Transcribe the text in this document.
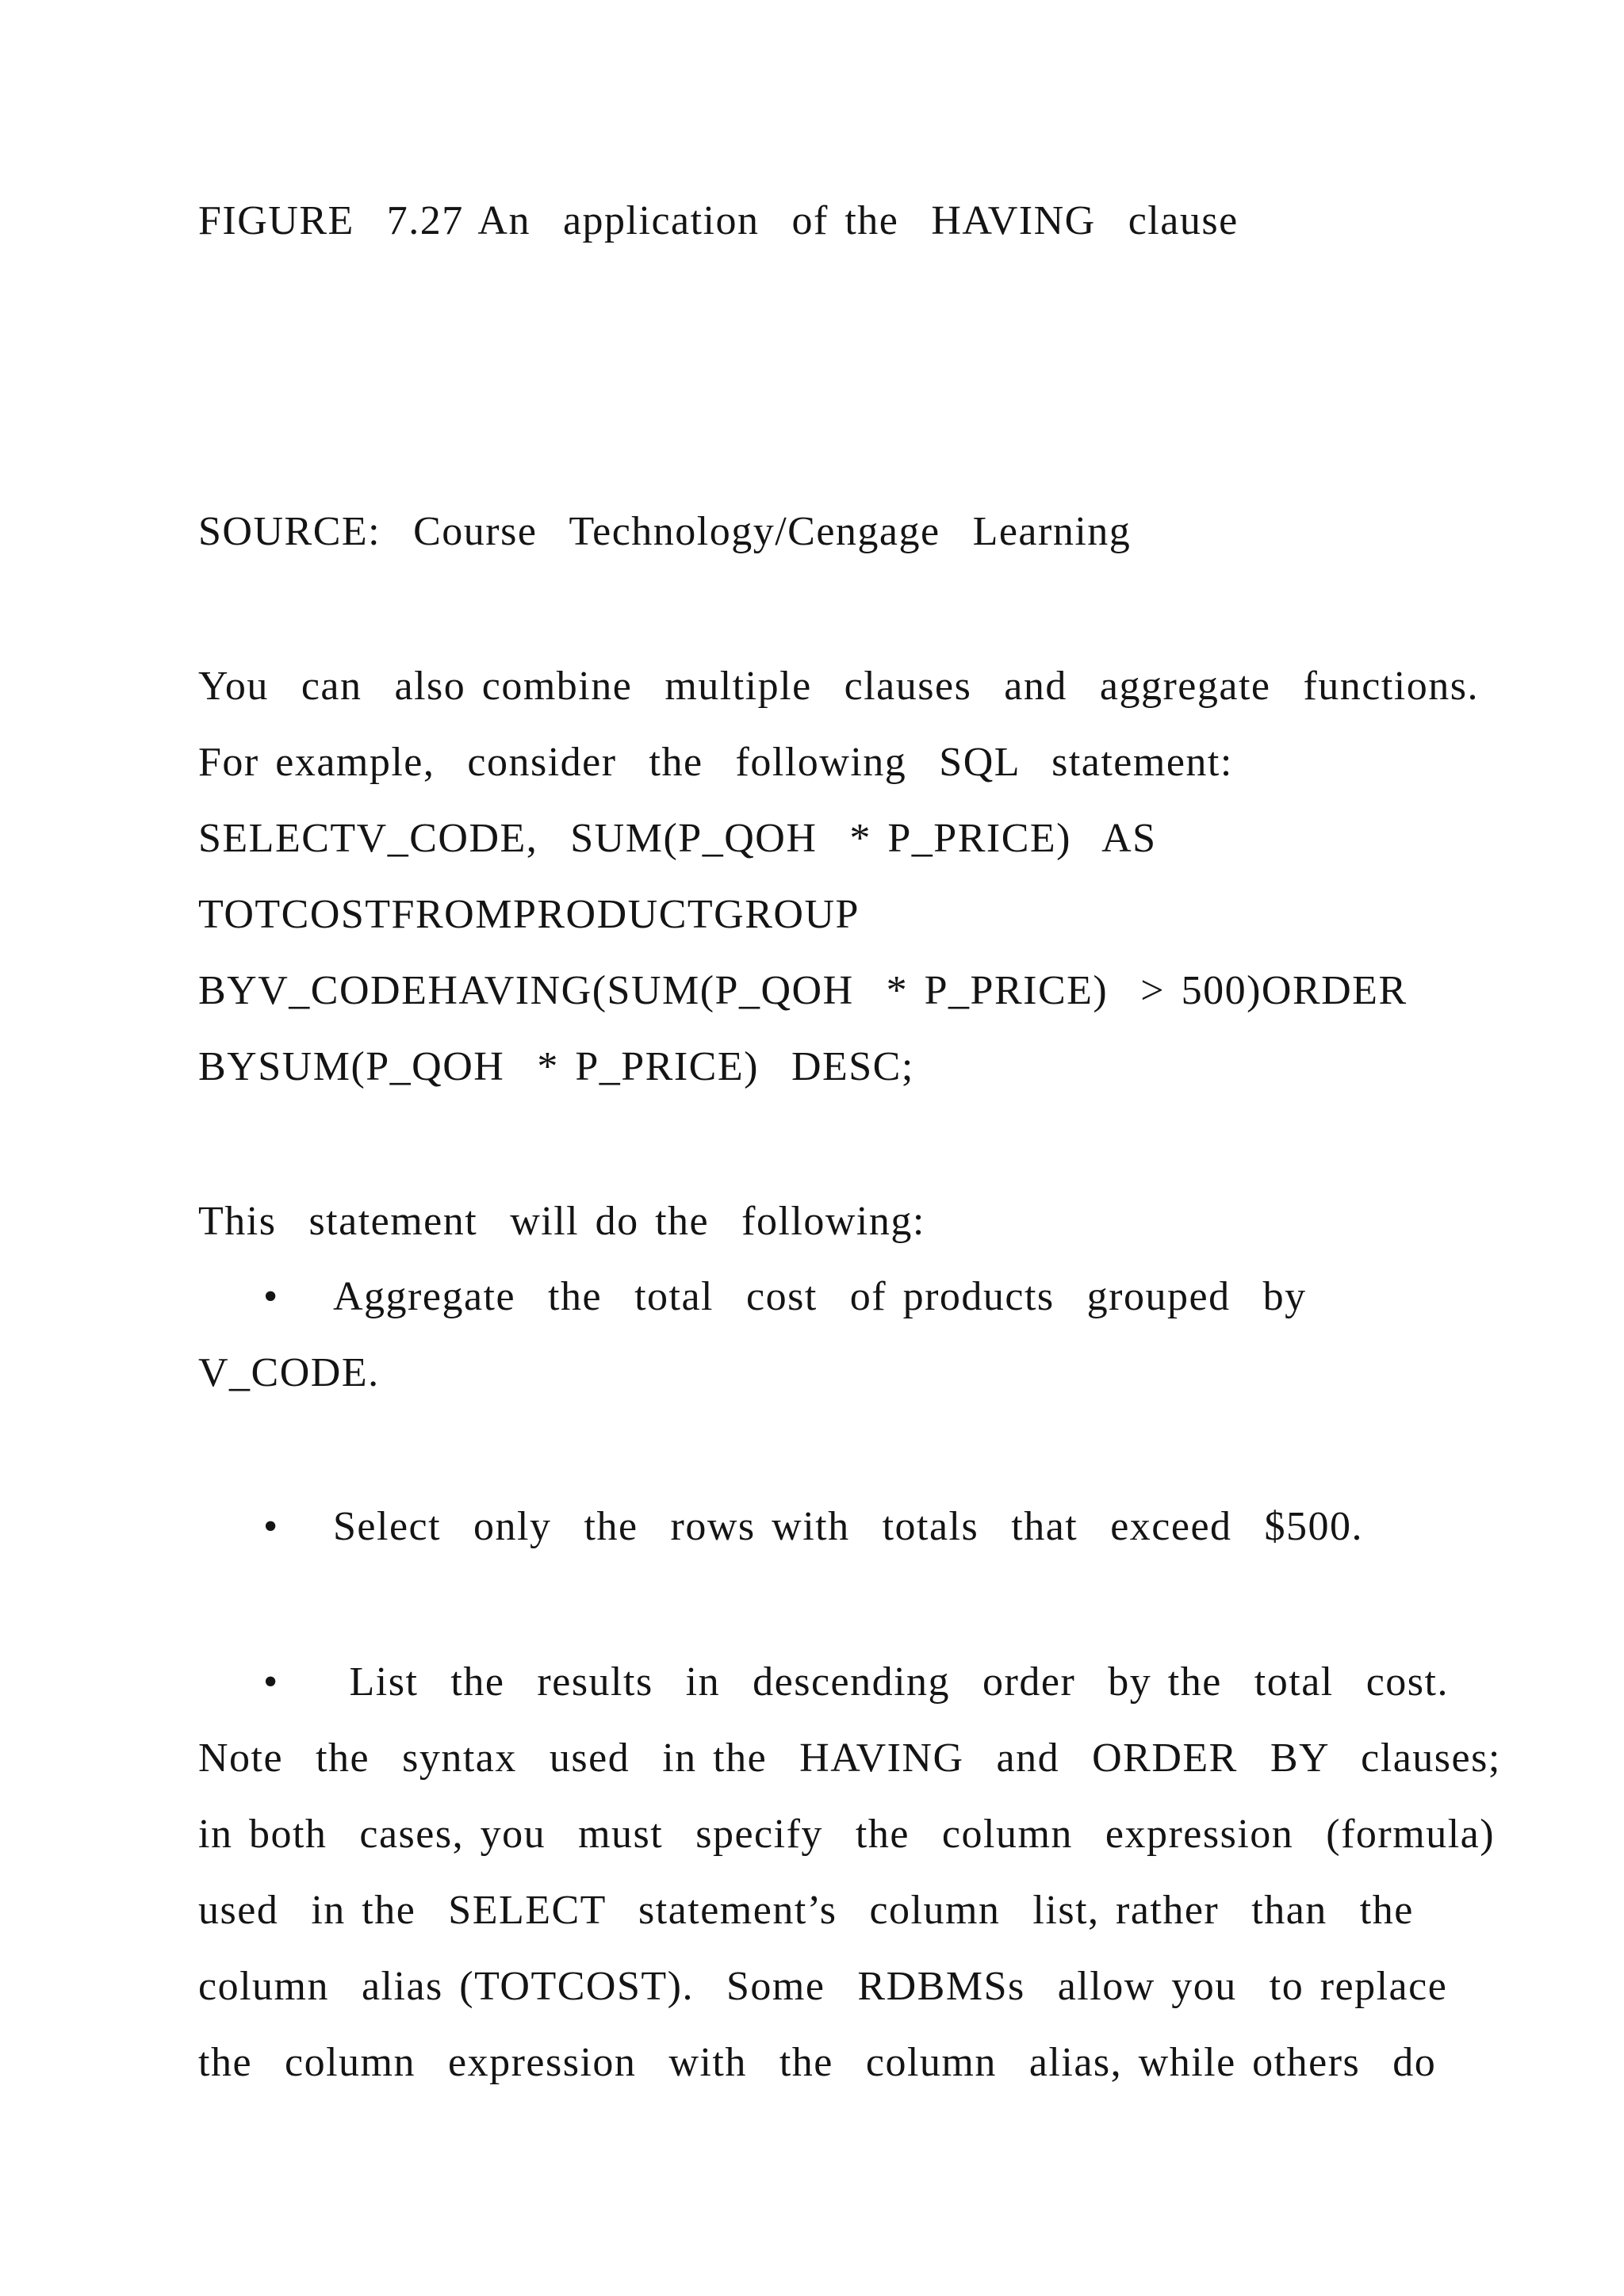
FIGURE  7.27 An  application  of the  HAVING  clause
SOURCE:  Course  Technology/Cengage  Learning
You  can  also combine  multiple  clauses  and  aggregate  functions.
For example,  consider  the  following  SQL  statement:
SELECTV_CODE,  SUM(P_QOH  * P_PRICE)  AS
TOTCOSTFROMPRODUCTGROUP
BYV_CODEHAVING(SUM(P_QOH  * P_PRICE)  > 500)ORDER
BYSUM(P_QOH  * P_PRICE)  DESC;
This  statement  will do the  following:
• Aggregate  the  total  cost  of products  grouped  by
V_CODE.
• Select  only  the  rows with  totals  that  exceed  $500.
• List  the  results  in  descending  order  by the  total  cost.
Note  the  syntax  used  in the  HAVING  and  ORDER  BY  clauses;
in both  cases, you  must  specify  the  column  expression  (formula)
used  in the  SELECT  statement’s  column  list, rather  than  the
column  alias (TOTCOST).  Some  RDBMSs  allow you  to replace
the  column  expression  with  the  column  alias, while others  do
